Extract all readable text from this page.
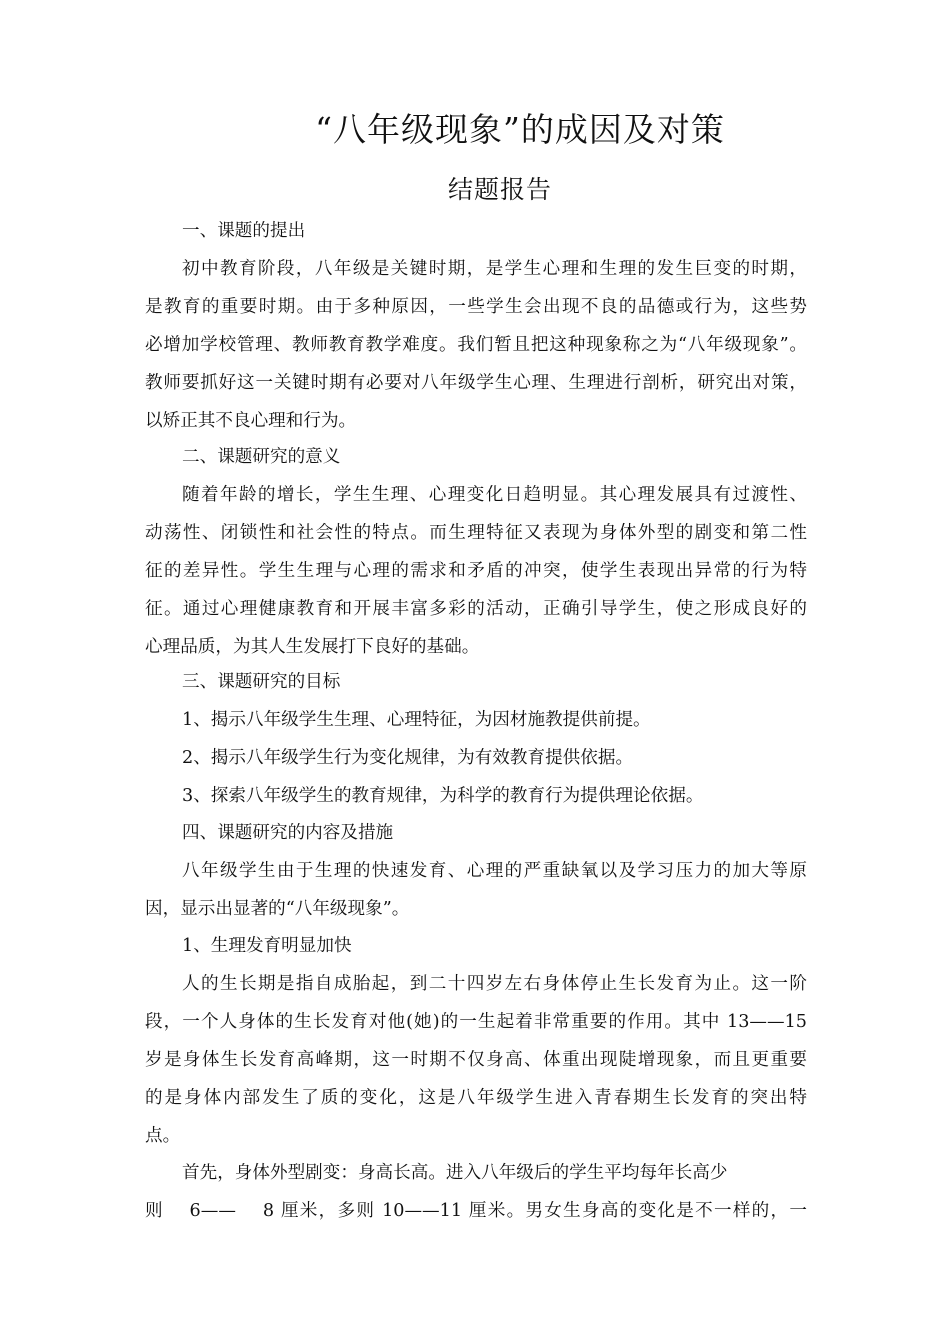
“八年级现象”的成因及对策
结题报告
一、课题的提出
初中教育阶段，八年级是关键时期，是学生心理和生理的发生巨变的时期，
是教育的重要时期。由于多种原因，一些学生会出现不良的品德或行为，这些势
必增加学校管理、教师教育教学难度。我们暂且把这种现象称之为“八年级现象”。
教师要抓好这一关键时期有必要对八年级学生心理、生理进行剖析，研究出对策，
以矫正其不良心理和行为。
二、课题研究的意义
随着年龄的增长，学生生理、心理变化日趋明显。其心理发展具有过渡性、
动荡性、闭锁性和社会性的特点。而生理特征又表现为身体外型的剧变和第二性
征的差异性。学生生理与心理的需求和矛盾的冲突，使学生表现出异常的行为特
征。通过心理健康教育和开展丰富多彩的活动，正确引导学生，使之形成良好的
心理品质，为其人生发展打下良好的基础。
三、课题研究的目标
1、揭示八年级学生生理、心理特征，为因材施教提供前提。
2、揭示八年级学生行为变化规律，为有效教育提供依据。
3、探索八年级学生的教育规律，为科学的教育行为提供理论依据。
四、课题研究的内容及措施
八年级学生由于生理的快速发育、心理的严重缺氧以及学习压力的加大等原
因，显示出显著的“八年级现象”。
1、生理发育明显加快
人的生长期是指自成胎起，到二十四岁左右身体停止生长发育为止。这一阶
段，一个人身体的生长发育对他(她)的一生起着非常重要的作用。其中 13——15
岁是身体生长发育高峰期，这一时期不仅身高、体重出现陡增现象，而且更重要
的是身体内部发生了质的变化，这是八年级学生进入青春期生长发育的突出特
点。
首先，身体外型剧变：身高长高。进入八年级后的学生平均每年长高少
则　 6——　 8 厘米，多则 10——11 厘米。男女生身高的变化是不一样的，一
